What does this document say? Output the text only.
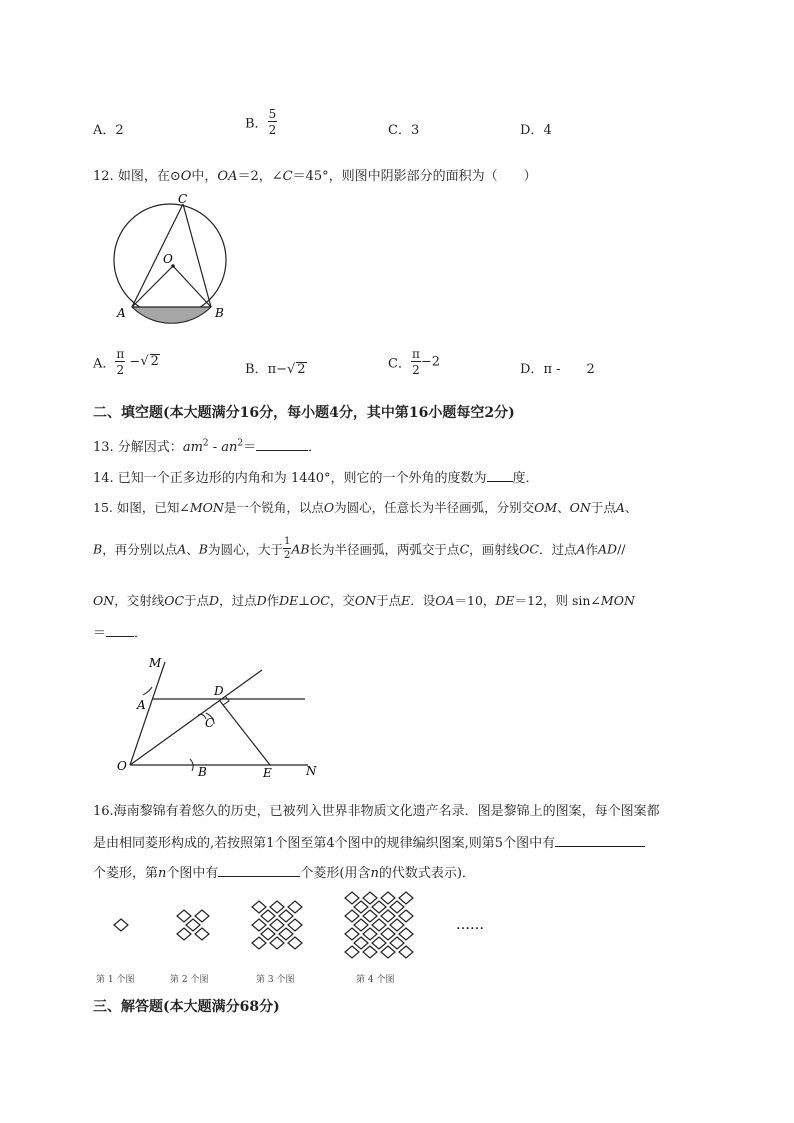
A．2	B． $\frac{5}{2}$	C．3	D．4
12. 如图，在⊙O中，OA＝2，∠C＝45°，则图中阴影部分的面积为（　　）
C
O
A	B
A． $\frac{\pi}{2}$ −√ 2
B．π−√ 2	C． $\frac{\pi}{2} -2$	D．π -　　2
二、填空题(本大题满分16分，每小题4分，其中第16小题每空2分)
13. 分解因式：$am^2 - an^2=$	．
14. 已知一个正多边形的内角和为 1440°，则它的一个外角的度数为 度．
15. 如图，已知∠MON是一个锐角，以点O为圆心，任意长为半径画弧，分别交OM、ON于点A、
B，再分别以点A、B为圆心，大于 $\frac{1}{2}$ AB长为半径画弧，两弧交于点C，画射线OC．过点A作AD//
ON，交射线OC于点D，过点D作DE⊥OC，交ON于点E．设OA＝10，DE＝12，则 sin∠MON
＝ ．
M
D
A
C
O	B	E	N
16.海南黎锦有着悠久的历史，已被列入世界非物质文化遗产名录．图是黎锦上的图案，每个图案都
是由相同菱形构成的,若按照第1个图至第4个图中的规律编织图案,则第5个图中有
个菱形，第n个图中有	个菱形(用含n的代数式表示)．
……
第 1 个图	第 2 个图	第 3 个图	第 4 个图
三、解答题(本大题满分68分)
